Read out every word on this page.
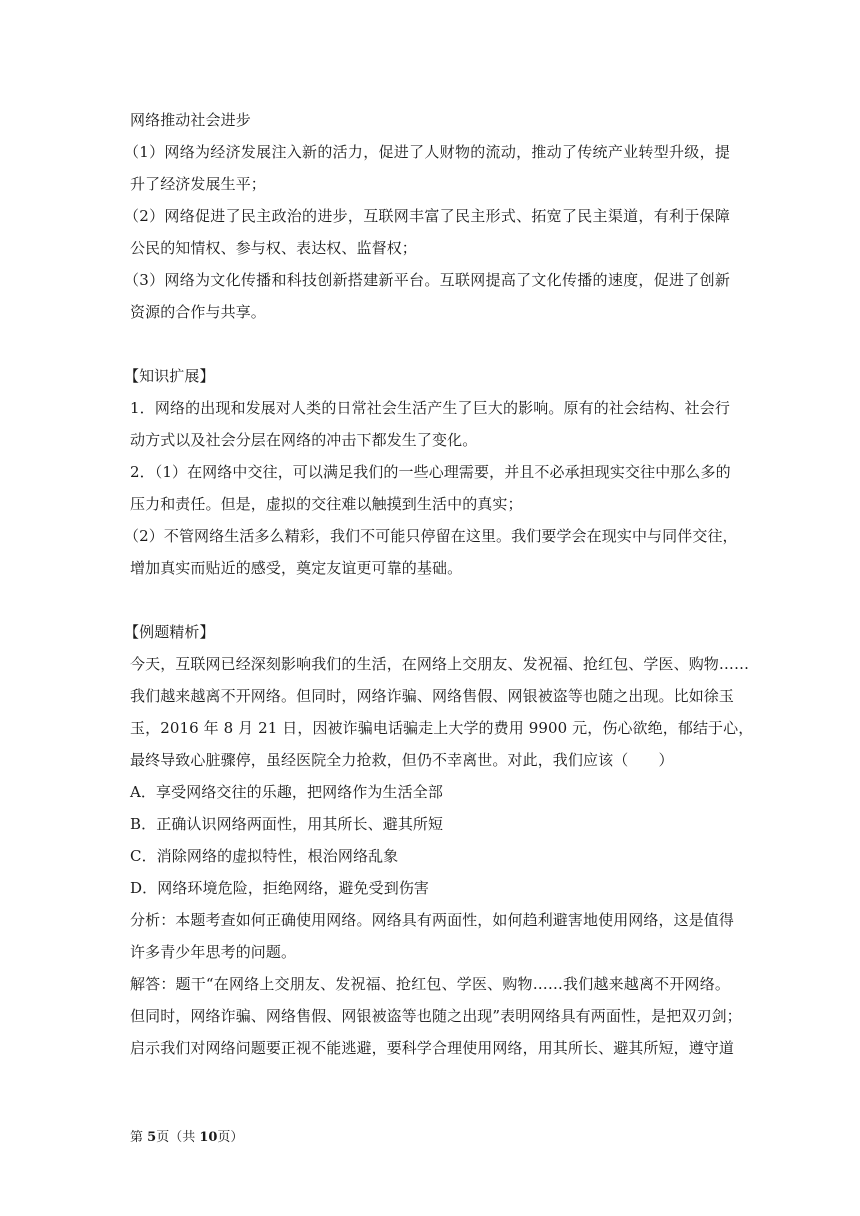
网络推动社会进步
（1）网络为经济发展注入新的活力，促进了人财物的流动，推动了传统产业转型升级，提
升了经济发展生平；
（2）网络促进了民主政治的进步，互联网丰富了民主形式、拓宽了民主渠道，有利于保障
公民的知情权、参与权、表达权、监督权；
（3）网络为文化传播和科技创新搭建新平台。互联网提高了文化传播的速度，促进了创新
资源的合作与共享。
【知识扩展】
1．网络的出现和发展对人类的日常社会生活产生了巨大的影响。原有的社会结构、社会行
动方式以及社会分层在网络的冲击下都发生了变化。
2．（1）在网络中交往，可以满足我们的一些心理需要，并且不必承担现实交往中那么多的
压力和责任。但是，虚拟的交往难以触摸到生活中的真实；
（2）不管网络生活多么精彩，我们不可能只停留在这里。我们要学会在现实中与同伴交往，
增加真实而贴近的感受，奠定友谊更可靠的基础。
【例题精析】
今天，互联网已经深刻影响我们的生活，在网络上交朋友、发祝福、抢红包、学医、购物……
我们越来越离不开网络。但同时，网络诈骗、网络售假、网银被盗等也随之出现。比如徐玉
玉，2016 年 8 月 21 日，因被诈骗电话骗走上大学的费用 9900 元，伤心欲绝，郁结于心，
最终导致心脏骤停，虽经医院全力抢救，但仍不幸离世。对此，我们应该（　　）
A．享受网络交往的乐趣，把网络作为生活全部
B．正确认识网络两面性，用其所长、避其所短
C．消除网络的虚拟特性，根治网络乱象
D．网络环境危险，拒绝网络，避免受到伤害
分析：本题考查如何正确使用网络。网络具有两面性，如何趋利避害地使用网络，这是值得
许多青少年思考的问题。
解答：题干“在网络上交朋友、发祝福、抢红包、学医、购物……我们越来越离不开网络。
但同时，网络诈骗、网络售假、网银被盗等也随之出现”表明网络具有两面性，是把双刃剑；
启示我们对网络问题要正视不能逃避，要科学合理使用网络，用其所长、避其所短，遵守道
第 5页（共 10页）
